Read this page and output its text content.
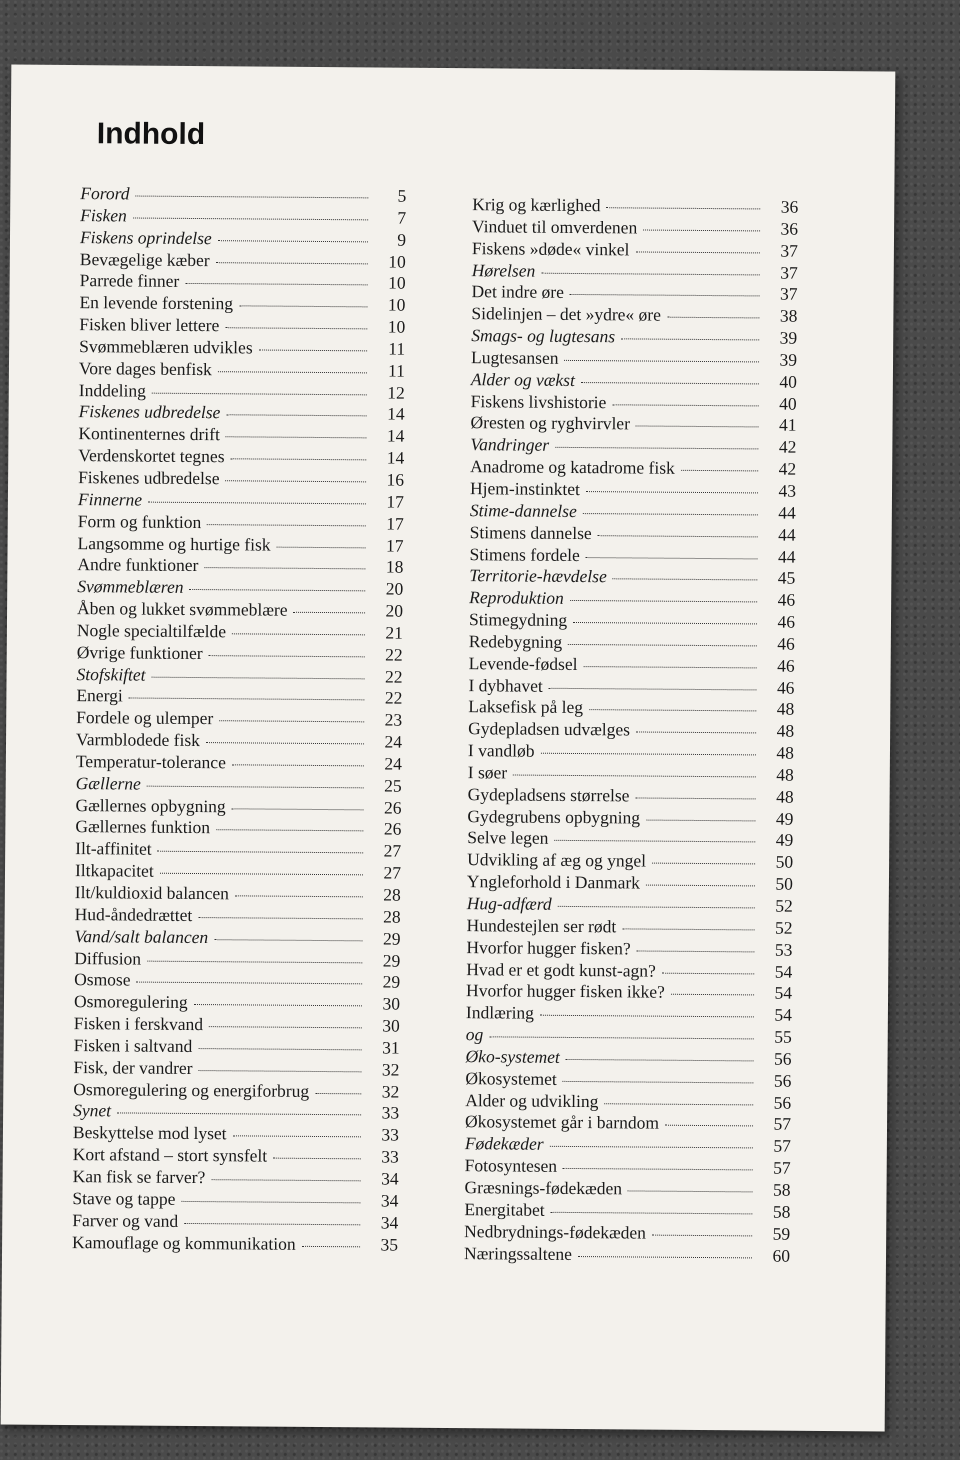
Indhold
Forord	5
Fisken	7
Fiskens oprindelse	9
Bevægelige kæber	10
Parrede finner	10
En levende forstening	10
Fisken bliver lettere	10
Svømmeblæren udvikles	11
Vore dages benfisk	11
Inddeling	12
Fiskenes udbredelse	14
Kontinenternes drift	14
Verdenskortet tegnes	14
Fiskenes udbredelse	16
Finnerne	17
Form og funktion	17
Langsomme og hurtige fisk	17
Andre funktioner	18
Svømmeblæren	20
Åben og lukket svømmeblære	20
Nogle specialtilfælde	21
Øvrige funktioner	22
Stofskiftet	22
Energi	22
Fordele og ulemper	23
Varmblodede fisk	24
Temperatur-tolerance	24
Gællerne	25
Gællernes opbygning	26
Gællernes funktion	26
Ilt-affinitet	27
Iltkapacitet	27
Ilt/kuldioxid balancen	28
Hud-åndedrættet	28
Vand/salt balancen	29
Diffusion	29
Osmose	29
Osmoregulering	30
Fisken i ferskvand	30
Fisken i saltvand	31
Fisk, der vandrer	32
Osmoregulering og energiforbrug	32
Synet	33
Beskyttelse mod lyset	33
Kort afstand – stort synsfelt	33
Kan fisk se farver?	34
Stave og tappe	34
Farver og vand	34
Kamouflage og kommunikation	35
Krig og kærlighed	36
Vinduet til omverdenen	36
Fiskens »døde« vinkel	37
Hørelsen	37
Det indre øre	37
Sidelinjen – det »ydre« øre	38
Smags- og lugtesans	39
Lugtesansen	39
Alder og vækst	40
Fiskens livshistorie	40
Øresten og ryghvirvler	41
Vandringer	42
Anadrome og katadrome fisk	42
Hjem-instinktet	43
Stime-dannelse	44
Stimens dannelse	44
Stimens fordele	44
Territorie-hævdelse	45
Reproduktion	46
Stimegydning	46
Redebygning	46
Levende-fødsel	46
I dybhavet	46
Laksefisk på leg	48
Gydepladsen udvælges	48
I vandløb	48
I søer	48
Gydepladsens størrelse	48
Gydegrubens opbygning	49
Selve legen	49
Udvikling af æg og yngel	50
Yngleforhold i Danmark	50
Hug-adfærd	52
Hundestejlen ser rødt	52
Hvorfor hugger fisken?	53
Hvad er et godt kunst-agn?	54
Hvorfor hugger fisken ikke?	54
Indlæring	54
og	55
Øko-systemet	56
Økosystemet	56
Alder og udvikling	56
Økosystemet går i barndom	57
Fødekæder	57
Fotosyntesen	57
Græsnings-fødekæden	58
Energitabet	58
Nedbrydnings-fødekæden	59
Næringssaltene	60
